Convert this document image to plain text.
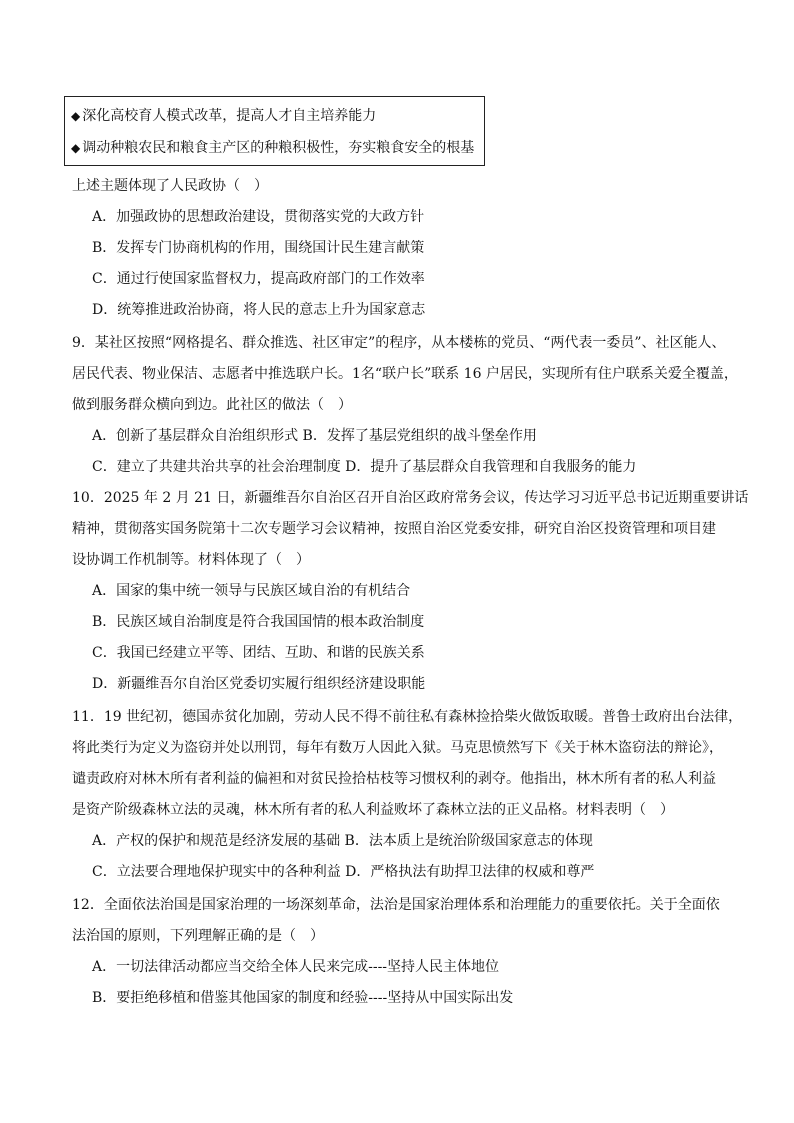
◆ 深化高校育人模式改革，提高人才自主培养能力
◆ 调动种粮农民和粮食主产区的种粮积极性，夯实粮食安全的根基
上述主题体现了人民政协（　）
A．加强政协的思想政治建设，贯彻落实党的大政方针
B．发挥专门协商机构的作用，围绕国计民生建言献策
C．通过行使国家监督权力，提高政府部门的工作效率
D．统筹推进政治协商，将人民的意志上升为国家意志
9．某社区按照“网格提名、群众推选、社区审定”的程序，从本楼栋的党员、“两代表一委员”、社区能人、
居民代表、物业保洁、志愿者中推选联户长。1名“联户长”联系 16 户居民，实现所有住户联系关爱全覆盖，
做到服务群众横向到边。此社区的做法（　）
A．创新了基层群众自治组织形式 B．发挥了基层党组织的战斗堡垒作用
C．建立了共建共治共享的社会治理制度 D．提升了基层群众自我管理和自我服务的能力
10．2025 年 2 月 21 日，新疆维吾尔自治区召开自治区政府常务会议，传达学习习近平总书记近期重要讲话
精神，贯彻落实国务院第十二次专题学习会议精神，按照自治区党委安排，研究自治区投资管理和项目建
设协调工作机制等。材料体现了（　）
A．国家的集中统一领导与民族区域自治的有机结合
B．民族区域自治制度是符合我国国情的根本政治制度
C．我国已经建立平等、团结、互助、和谐的民族关系
D．新疆维吾尔自治区党委切实履行组织经济建设职能
11．19 世纪初，德国赤贫化加剧，劳动人民不得不前往私有森林捡拾柴火做饭取暖。普鲁士政府出台法律，
将此类行为定义为盗窃并处以刑罚，每年有数万人因此入狱。马克思愤然写下《关于林木盗窃法的辩论》，
谴责政府对林木所有者利益的偏袒和对贫民捡拾枯枝等习惯权利的剥夺。他指出，林木所有者的私人利益
是资产阶级森林立法的灵魂，林木所有者的私人利益败坏了森林立法的正义品格。材料表明（　）
A．产权的保护和规范是经济发展的基础 B．法本质上是统治阶级国家意志的体现
C．立法要合理地保护现实中的各种利益 D．严格执法有助捍卫法律的权威和尊严
12．全面依法治国是国家治理的一场深刻革命，法治是国家治理体系和治理能力的重要依托。关于全面依
法治国的原则，下列理解正确的是（　）
A．一切法律活动都应当交给全体人民来完成----坚持人民主体地位
B．要拒绝移植和借鉴其他国家的制度和经验----坚持从中国实际出发
